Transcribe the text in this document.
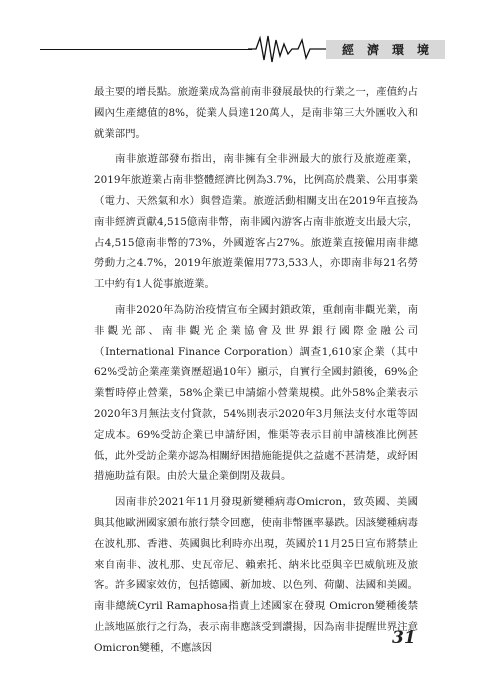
經濟環境

最主要的增長點。旅遊業成為當前南非發展最快的行業之一，產值約占國內生產總值的8%，從業人員達120萬人，是南非第三大外匯收入和就業部門。

南非旅遊部發布指出，南非擁有全非洲最大的旅行及旅遊產業，2019年旅遊業占南非整體經濟比例為3.7%，比例高於農業、公用事業（電力、天然氣和水）與營造業。旅遊活動相關支出在2019年直接為南非經濟貢獻4,515億南非幣，南非國內游客占南非旅遊支出最大宗，占4,515億南非幣的73%，外國遊客占27%。旅遊業直接僱用南非總勞動力之4.7%，2019年旅遊業僱用773,533人，亦即南非每21名勞工中約有1人從事旅遊業。

南非2020年為防治疫情宣布全國封鎖政策，重創南非觀光業，南非觀光部、南非觀光企業協會及世界銀行國際金融公司（International Finance Corporation）調查1,610家企業（其中62%受訪企業產業資歷超過10年）顯示，自實行全國封鎖後，69%企業暫時停止營業，58%企業已申請縮小營業規模。此外58%企業表示2020年3月無法支付貸款，54%則表示2020年3月無法支付水電等固定成本。69%受訪企業已申請紓困，惟渠等表示目前申請核准比例甚低，此外受訪企業亦認為相關紓困措施能提供之益處不甚清楚，或紓困措施助益有限。由於大量企業倒閉及裁員。

因南非於2021年11月發現新變種病毒Omicron，致英國、美國與其他歐洲國家頒布旅行禁令回應，使南非幣匯率暴跌。因該變種病毒在波札那、香港、英國與比利時亦出現，英國於11月25日宣布將禁止來自南非、波札那、史瓦帝尼、賴索托、納米比亞與辛巴威航班及旅客。許多國家效仿，包括德國、新加坡、以色列、荷蘭、法國和美國。南非總統Cyril Ramaphosa指責上述國家在發現 Omicron變種後禁止該地區旅行之行為，表示南非應該受到讚揚，因為南非提醒世界注意Omicron變種，不應該因	31
